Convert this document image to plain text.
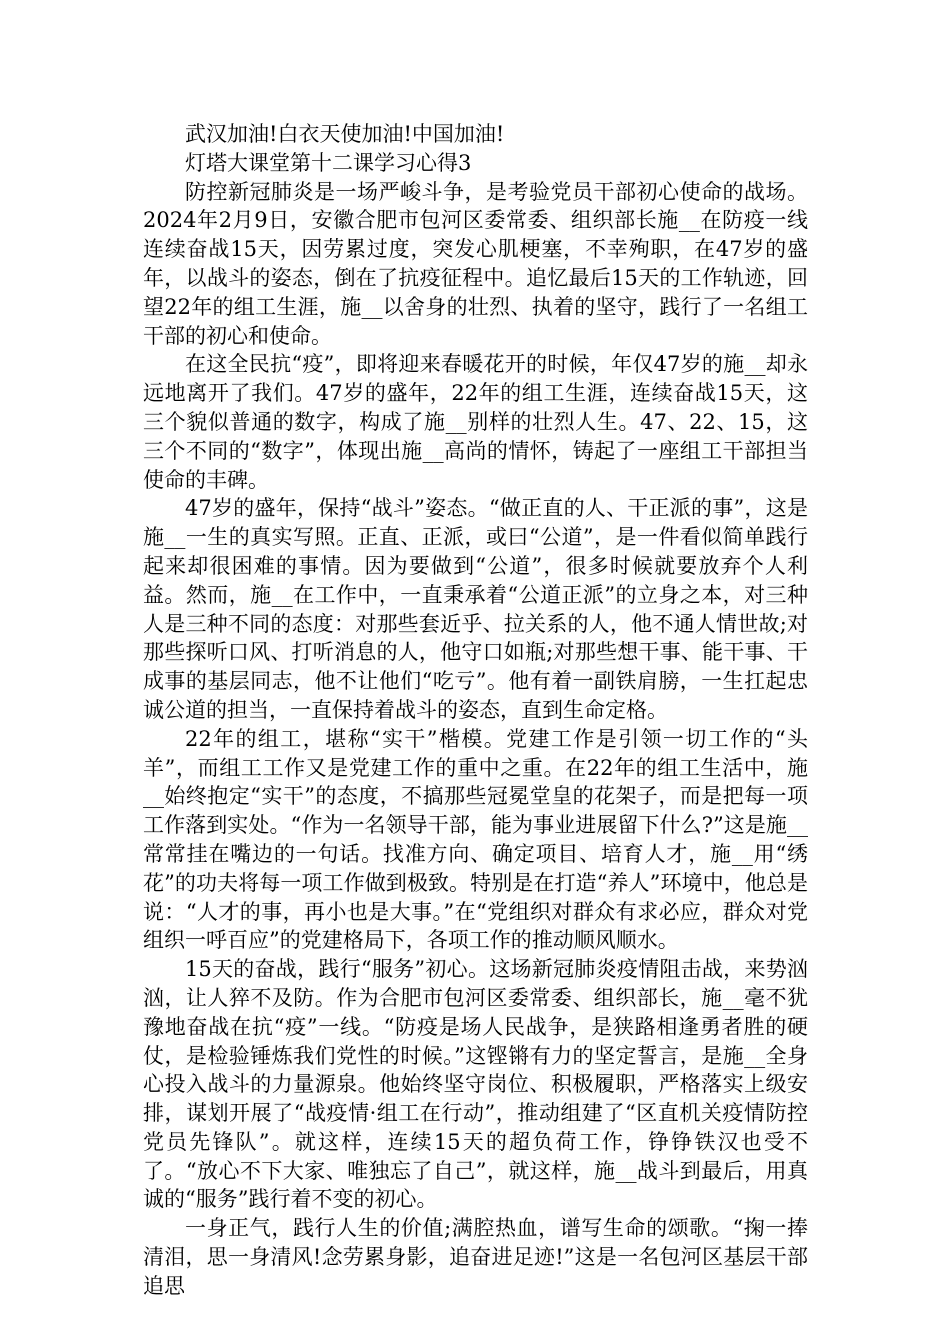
武汉加油!白衣天使加油!中国加油!

灯塔大课堂第十二课学习心得3

防控新冠肺炎是一场严峻斗争，是考验党员干部初心使命的战场。2024年2月9日，安徽合肥市包河区委常委、组织部长施__在防疫一线连续奋战15天，因劳累过度，突发心肌梗塞，不幸殉职，在47岁的盛年，以战斗的姿态，倒在了抗疫征程中。追忆最后15天的工作轨迹，回望22年的组工生涯，施__以舍身的壮烈、执着的坚守，践行了一名组工干部的初心和使命。

在这全民抗“疫”，即将迎来春暖花开的时候，年仅47岁的施__却永远地离开了我们。47岁的盛年，22年的组工生涯，连续奋战15天，这三个貌似普通的数字，构成了施__别样的壮烈人生。47、22、15，这三个不同的“数字”，体现出施__高尚的情怀，铸起了一座组工干部担当使命的丰碑。

47岁的盛年，保持“战斗”姿态。“做正直的人、干正派的事”，这是施__一生的真实写照。正直、正派，或曰“公道”，是一件看似简单践行起来却很困难的事情。因为要做到“公道”，很多时候就要放弃个人利益。然而，施__在工作中，一直秉承着“公道正派”的立身之本，对三种人是三种不同的态度：对那些套近乎、拉关系的人，他不通人情世故;对那些探听口风、打听消息的人，他守口如瓶;对那些想干事、能干事、干成事的基层同志，他不让他们“吃亏”。他有着一副铁肩膀，一生扛起忠诚公道的担当，一直保持着战斗的姿态，直到生命定格。

22年的组工，堪称“实干”楷模。党建工作是引领一切工作的“头羊”，而组工工作又是党建工作的重中之重。在22年的组工生活中，施__始终抱定“实干”的态度，不搞那些冠冕堂皇的花架子，而是把每一项工作落到实处。“作为一名领导干部，能为事业进展留下什么?”这是施__常常挂在嘴边的一句话。找准方向、确定项目、培育人才，施__用“绣花”的功夫将每一项工作做到极致。特别是在打造“养人”环境中，他总是说：“人才的事，再小也是大事。”在“党组织对群众有求必应，群众对党组织一呼百应”的党建格局下，各项工作的推动顺风顺水。

15天的奋战，践行“服务”初心。这场新冠肺炎疫情阻击战，来势汹汹，让人猝不及防。作为合肥市包河区委常委、组织部长，施__毫不犹豫地奋战在抗“疫”一线。“防疫是场人民战争，是狭路相逢勇者胜的硬仗，是检验锤炼我们党性的时候。”这铿锵有力的坚定誓言，是施__全身心投入战斗的力量源泉。他始终坚守岗位、积极履职，严格落实上级安排，谋划开展了“战疫情·组工在行动”，推动组建了“区直机关疫情防控党员先锋队”。就这样，连续15天的超负荷工作，铮铮铁汉也受不了。“放心不下大家、唯独忘了自己”，就这样，施__战斗到最后，用真诚的“服务”践行着不变的初心。

一身正气，践行人生的价值;满腔热血，谱写生命的颂歌。“掬一捧清泪，思一身清风!念劳累身影，追奋进足迹!”这是一名包河区基层干部追思
